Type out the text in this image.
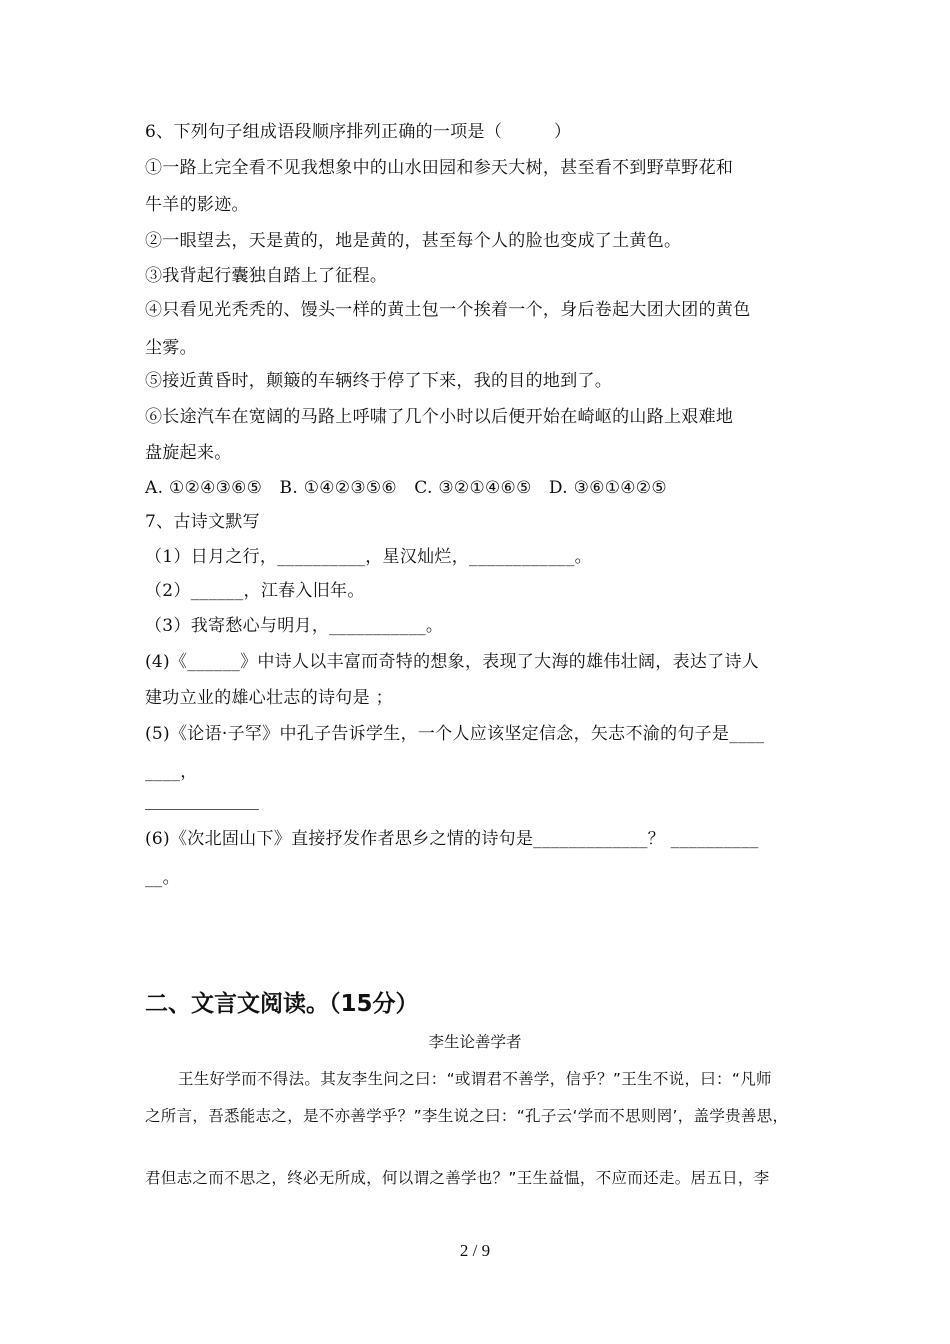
6、下列句子组成语段顺序排列正确的一项是（　　　）
①一路上完全看不见我想象中的山水田园和参天大树，甚至看不到野草野花和
牛羊的影迹。
②一眼望去，天是黄的，地是黄的，甚至每个人的脸也变成了土黄色。
③我背起行囊独自踏上了征程。
④只看见光秃秃的、馒头一样的黄土包一个挨着一个，身后卷起大团大团的黄色
尘雾。
⑤接近黄昏时，颠簸的车辆终于停了下来，我的目的地到了。
⑥长途汽车在宽阔的马路上呼啸了几个小时以后便开始在崎岖的山路上艰难地
盘旋起来。
A. ①②④③⑥⑤　B. ①④②③⑤⑥　C. ③②①④⑥⑤　D. ③⑥①④②⑤
7、古诗文默写
（1）日月之行，__________，星汉灿烂，____________。
（2）______，江春入旧年。
（3）我寄愁心与明月，___________。
(4)《______》中诗人以丰富而奇特的想象，表现了大海的雄伟壮阔，表达了诗人
建功立业的雄心壮志的诗句是 ；
(5)《论语·子罕》中孔子告诉学生，一个人应该坚定信念，矢志不渝的句子是____
____，
(6)《次北固山下》直接抒发作者思乡之情的诗句是_____________？ __________
__。
二、文言文阅读。（15分）
李生论善学者
王生好学而不得法。其友李生问之曰：“或谓君不善学，信乎？”王生不说，曰：“凡师
之所言，吾悉能志之，是不亦善学乎？”李生说之曰：“孔子云‘学而不思则罔’，盖学贵善思，
君但志之而不思之，终必无所成，何以谓之善学也？”王生益愠，不应而还走。居五日，李
2 / 9
